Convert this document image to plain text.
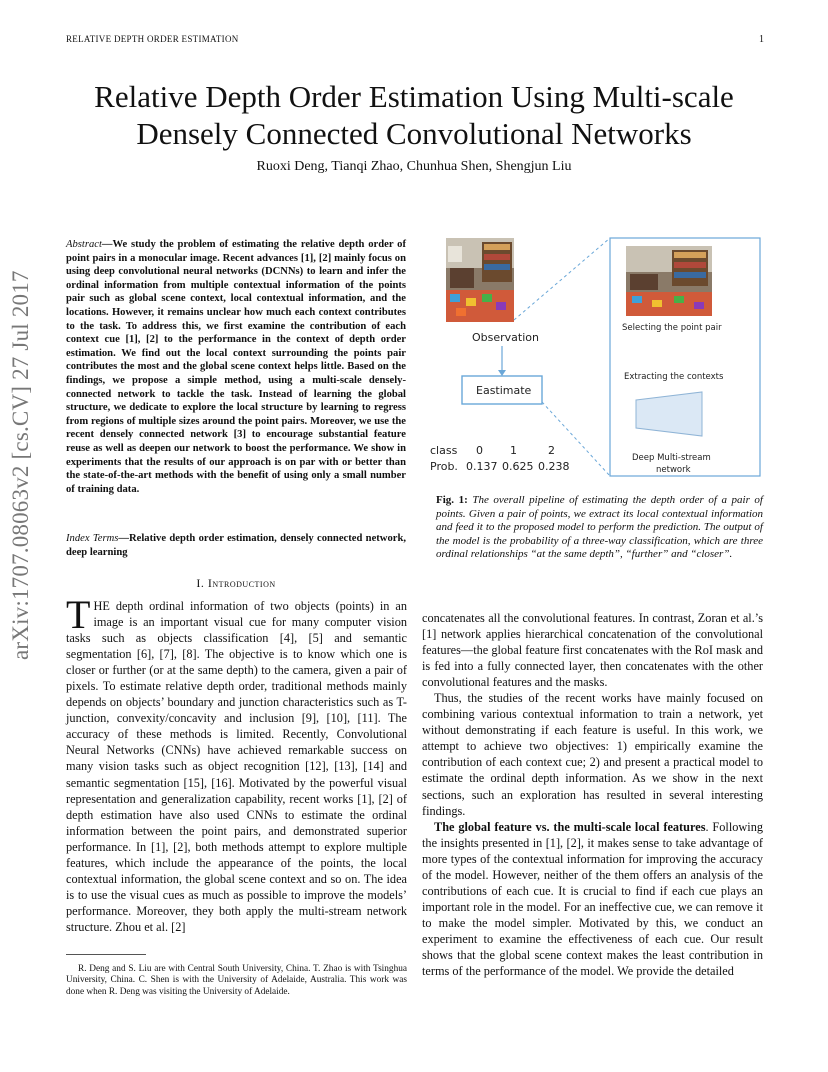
RELATIVE DEPTH ORDER ESTIMATION	1
Relative Depth Order Estimation Using Multi-scale
Densely Connected Convolutional Networks
Ruoxi Deng, Tianqi Zhao, Chunhua Shen, Shengjun Liu
arXiv:1707.08063v2 [cs.CV] 27 Jul 2017
Abstract—We study the problem of estimating the relative depth order of point pairs in a monocular image. Recent advances [1], [2] mainly focus on using deep convolutional neural networks (DCNNs) to learn and infer the ordinal information from multiple contextual information of the points pair such as global scene context, local contextual information, and the locations. However, it remains unclear how much each context contributes to the task. To address this, we first examine the contribution of each context cue [1], [2] to the performance in the context of depth order estimation. We find out the local context surrounding the points pair contributes the most and the global scene context helps little. Based on the findings, we propose a simple method, using a multi-scale densely-connected network to tackle the task. Instead of learning the global structure, we dedicate to explore the local structure by learning to regress from regions of multiple sizes around the point pairs. Moreover, we use the recent densely connected network [3] to encourage substantial feature reuse as well as deepen our network to boost the performance. We show in experiments that the results of our approach is on par with or better than the state-of-the-art methods with the benefit of using only a small number of training data.
Index Terms—Relative depth order estimation, densely connected network, deep learning
I. Introduction
THE depth ordinal information of two objects (points) in an image is an important visual cue for many computer vision tasks such as objects classification [4], [5] and semantic segmentation [6], [7], [8]. The objective is to know which one is closer or further (or at the same depth) to the camera, given a pair of pixels. To estimate relative depth order, traditional methods mainly depends on objects’ boundary and junction characteristics such as T-junction, convexity/concavity and inclusion [9], [10], [11]. The accuracy of these methods is limited. Recently, Convolutional Neural Networks (CNNs) have achieved remarkable success on many vision tasks such as object recognition [12], [13], [14] and semantic segmentation [15], [16]. Motivated by the powerful visual representation and generalization capability, recent works [1], [2] of depth estimation have also used CNNs to estimate the ordinal information between the point pairs, and demonstrated superior performance. In [1], [2], both methods attempt to explore multiple features, which include the appearance of the points, the local contextual information, the global scene context and so on. The idea is to use the visual cues as much as possible to improve the models’ performance. Moreover, they both apply the multi-stream network structure. Zhou et al. [2]
R. Deng and S. Liu are with Central South University, China. T. Zhao is with Tsinghua University, China. C. Shen is with the University of Adelaide, Australia. This work was done when R. Deng was visiting the University of Adelaide.
Observation
Eastimate
class 0 1	2
Prob. 0.137 0.625 0.238
Selecting the point pair
Extracting the contexts
Deep Multi-stream
network
Fig. 1: The overall pipeline of estimating the depth order of a pair of points. Given a pair of points, we extract its local contextual information and feed it to the proposed model to perform the prediction. The output of the model is the probability of a three-way classification, which are three ordinal relationships “at the same depth”, “further” and “closer”.

concatenates all the convolutional features. In contrast, Zoran et al.’s [1] network applies hierarchical concatenation of the convolutional features—the global feature first concatenates with the RoI mask and is fed into a fully connected layer, then concatenates with the other convolutional features and the masks.

Thus, the studies of the recent works have mainly focused on combining various contextual information to train a network, yet without demonstrating if each feature is useful. In this work, we attempt to achieve two objectives: 1) empirically examine the contribution of each context cue; 2) and present a practical model to estimate the ordinal depth information. As we show in the next sections, such an exploration has resulted in several interesting findings.

The global feature vs. the multi-scale local features. Following the insights presented in [1], [2], it makes sense to take advantage of more types of the contextual information for improving the accuracy of the model. However, neither of the them offers an analysis of the contributions of each cue. It is crucial to find if each cue plays an important role in the model. For an ineffective cue, we can remove it to make the model simpler. Motivated by this, we conduct an experiment to examine the effectiveness of each cue. Our result shows that the global scene context makes the least contribution in terms of the performance of the model. We provide the detailed
